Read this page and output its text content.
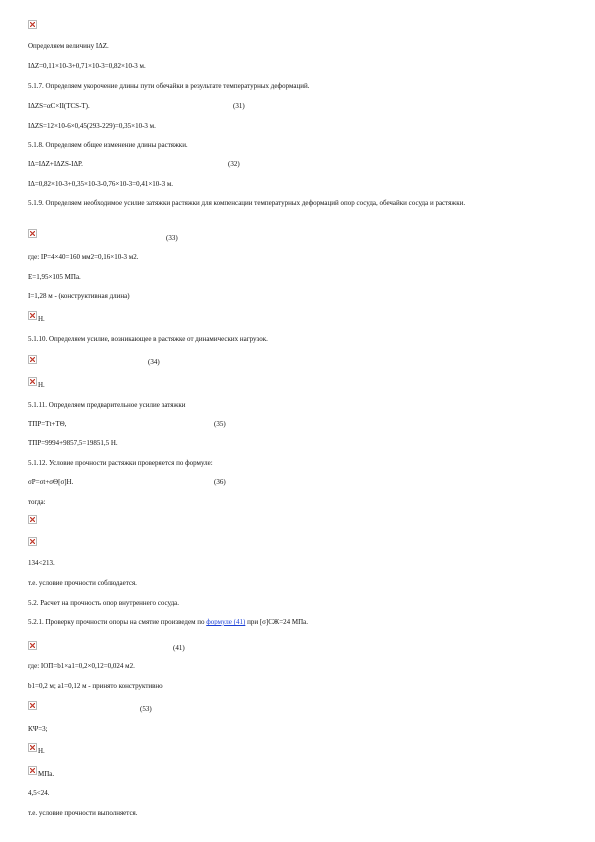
Определяем величину ΙΔZ.
ΙΔZ=0,11×10-3+0,71×10-3=0,82×10-3 м.
5.1.7. Определяем укорочение длины пути обечайки в результате температурных деформаций.
ΙΔZS=αC×ΙΙ(TCS-T).	(31)
ΙΔZS=12×10-6×0,45(293-229)=0,35×10-3 м.
5.1.8. Определяем общее изменение длины растяжки.
ΙΔ=ΙΔZ+ΙΔZS-ΙΔΡ.	(32)
ΙΔ=0,82×10-3+0,35×10-3-0,76×10-3=0,41×10-3 м.
5.1.9. Определяем необходимое усилие затяжки растяжки для компенсации температурных деформаций опор сосуда, обечайки сосуда и растяжки.
(33)
где: ΙP=4×40=160 мм2=0,16×10-3 м2.
E=1,95×105 МПа.
Ι=1,28 м - (конструктивная длина)
Н.
5.1.10. Определяем усилие, возникающее в растяжке от динамических нагрузок.
(34)
Н.
5.1.11. Определяем предварительное усилие затяжки
TПР=Tt+TΘ,	(35)
TПР=9994+9857,5=19851,5 Н.
5.1.12. Условие прочности растяжки проверяется по формуле:
σP=σt+σΘ[σ]Н.	(36)
тогда:
134<213.
т.е. условие прочности соблюдается.
5.2. Расчет на прочность опор внутреннего сосуда.
5.2.1. Проверку прочности опоры на смятие произведем по формуле (41) при [σ]СЖ=24 МПа.
(41)
где: ΙΟΠ=b1×a1=0,2×0,12=0,024 м2.
b1=0,2 м; a1=0,12 м - принято конструктивно
(53)
KΨ=3;
Н.
МПа.
4,5<24.
т.е. условие прочности выполняется.
